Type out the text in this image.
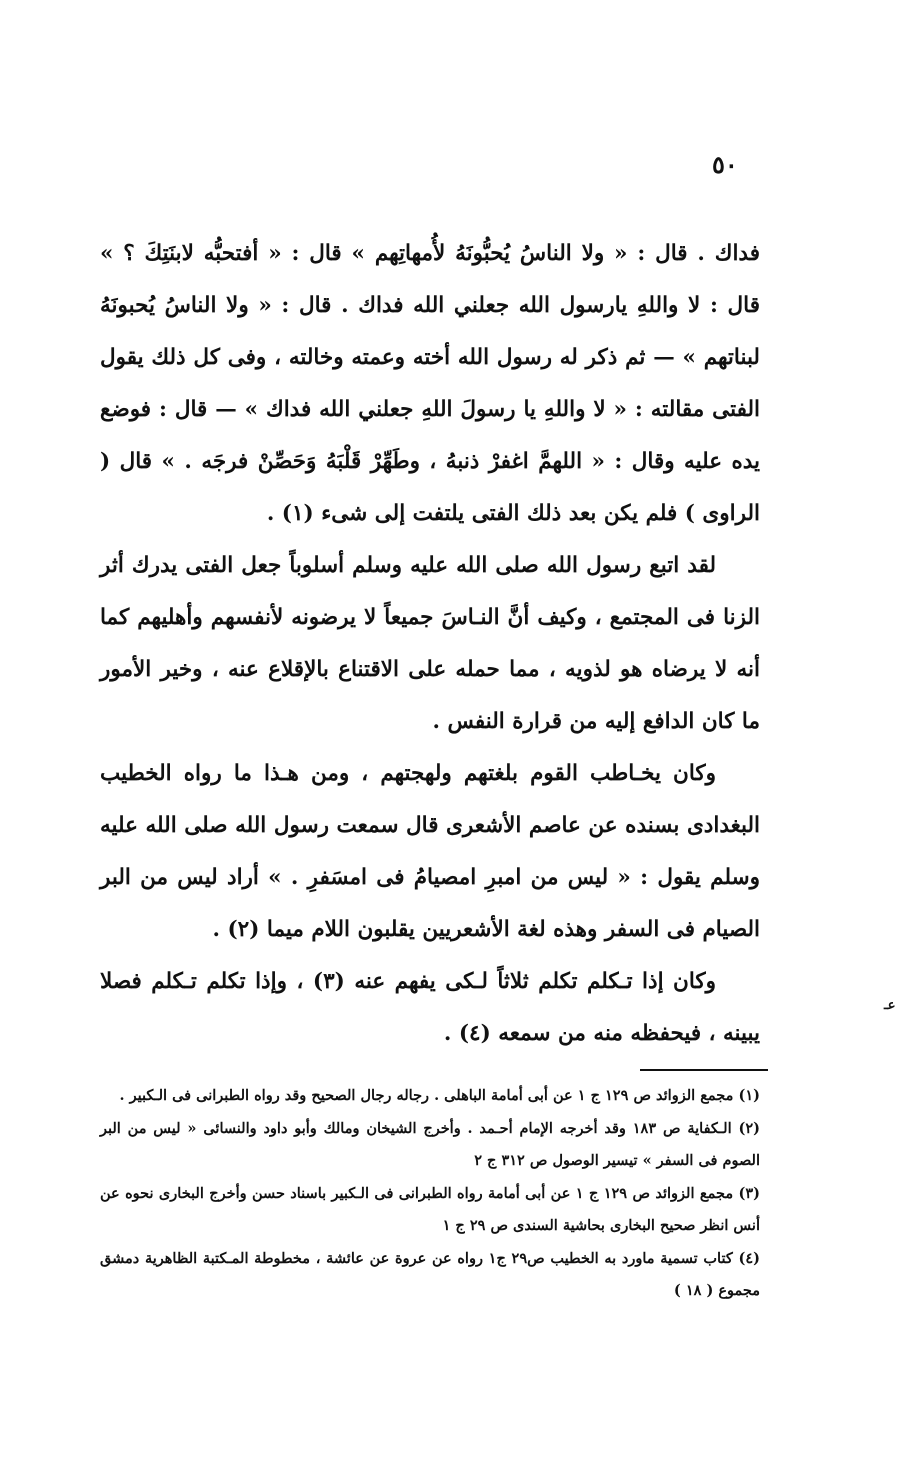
٥٠

فداك . قال : « ولا الناسُ يُحبُّونَهُ لأُمهاتِهم » قال : « أفتحبُّه لابنَتِكَ ؟ » قال : لا واللهِ يارسول الله جعلني الله فداك . قال : « ولا الناسُ يُحبونَهُ لبناتهم » — ثم ذكر له رسول الله أخته وعمته وخالته ، وفى كل ذلك يقول الفتى مقالته : « لا واللهِ يا رسولَ اللهِ جعلني الله فداك » — قال : فوضع يده عليه وقال : « اللهمَّ اغفرْ ذنبهُ ، وطَهِّرْ قَلْبَهُ وَحَصِّنْ فرجَه . » قال ( الراوى ) فلم يكن بعد ذلك الفتى يلتفت إلى شىء (١) .

لقد اتبع رسول الله صلى الله عليه وسلم أسلوباً جعل الفتى يدرك أثر الزنا فى المجتمع ، وكيف أنَّ النـاسَ جميعاً لا يرضونه لأنفسهم وأهليهم كما أنه لا يرضاه هو لذويه ، مما حمله على الاقتناع بالإقلاع عنه ، وخير الأمور ما كان الدافع إليه من قرارة النفس .

وكان يخـاطب القوم بلغتهم ولهجتهم ، ومن هـذا ما رواه الخطيب البغدادى بسنده عن عاصم الأشعرى قال سمعت رسول الله صلى الله عليه وسلم يقول : « ليس من امبرِ امصيامُ فى امسَفرِ . » أراد ليس من البر الصيام فى السفر وهذه لغة الأشعريين يقلبون اللام ميما (٢) .

وكان إذا تـكلم تكلم ثلاثاً لـكى يفهم عنه (٣) ، وإذا تكلم تـكلم فصلا يبينه ، فيحفظه منه من سمعه (٤) .

عـ

(١) مجمع الزوائد ص ١٢٩ ج ١ عن أبى أمامة الباهلى . رجاله رجال الصحيح وقد رواه الطبرانى فى الـكبير .

(٢) الـكفاية ص ١٨٣ وقد أخرجه الإمام أحـمد . وأخرج الشيخان ومالك وأبو داود والنسائى « ليس من البر الصوم فى السفر » تيسير الوصول ص ٣١٢ ج ٢

(٣) مجمع الزوائد ص ١٢٩ ج ١ عن أبى أمامة رواه الطبرانى فى الـكبير باسناد حسن وأخرج البخارى نحوه عن أنس انظر صحيح البخارى بحاشية السندى ص ٢٩ ج ١

(٤) كتاب تسمية ماورد به الخطيب ص٢٩ ج١ رواه عن عروة عن عائشة ، مخطوطة المـكتبة الظاهرية دمشق مجموع ( ١٨ )
